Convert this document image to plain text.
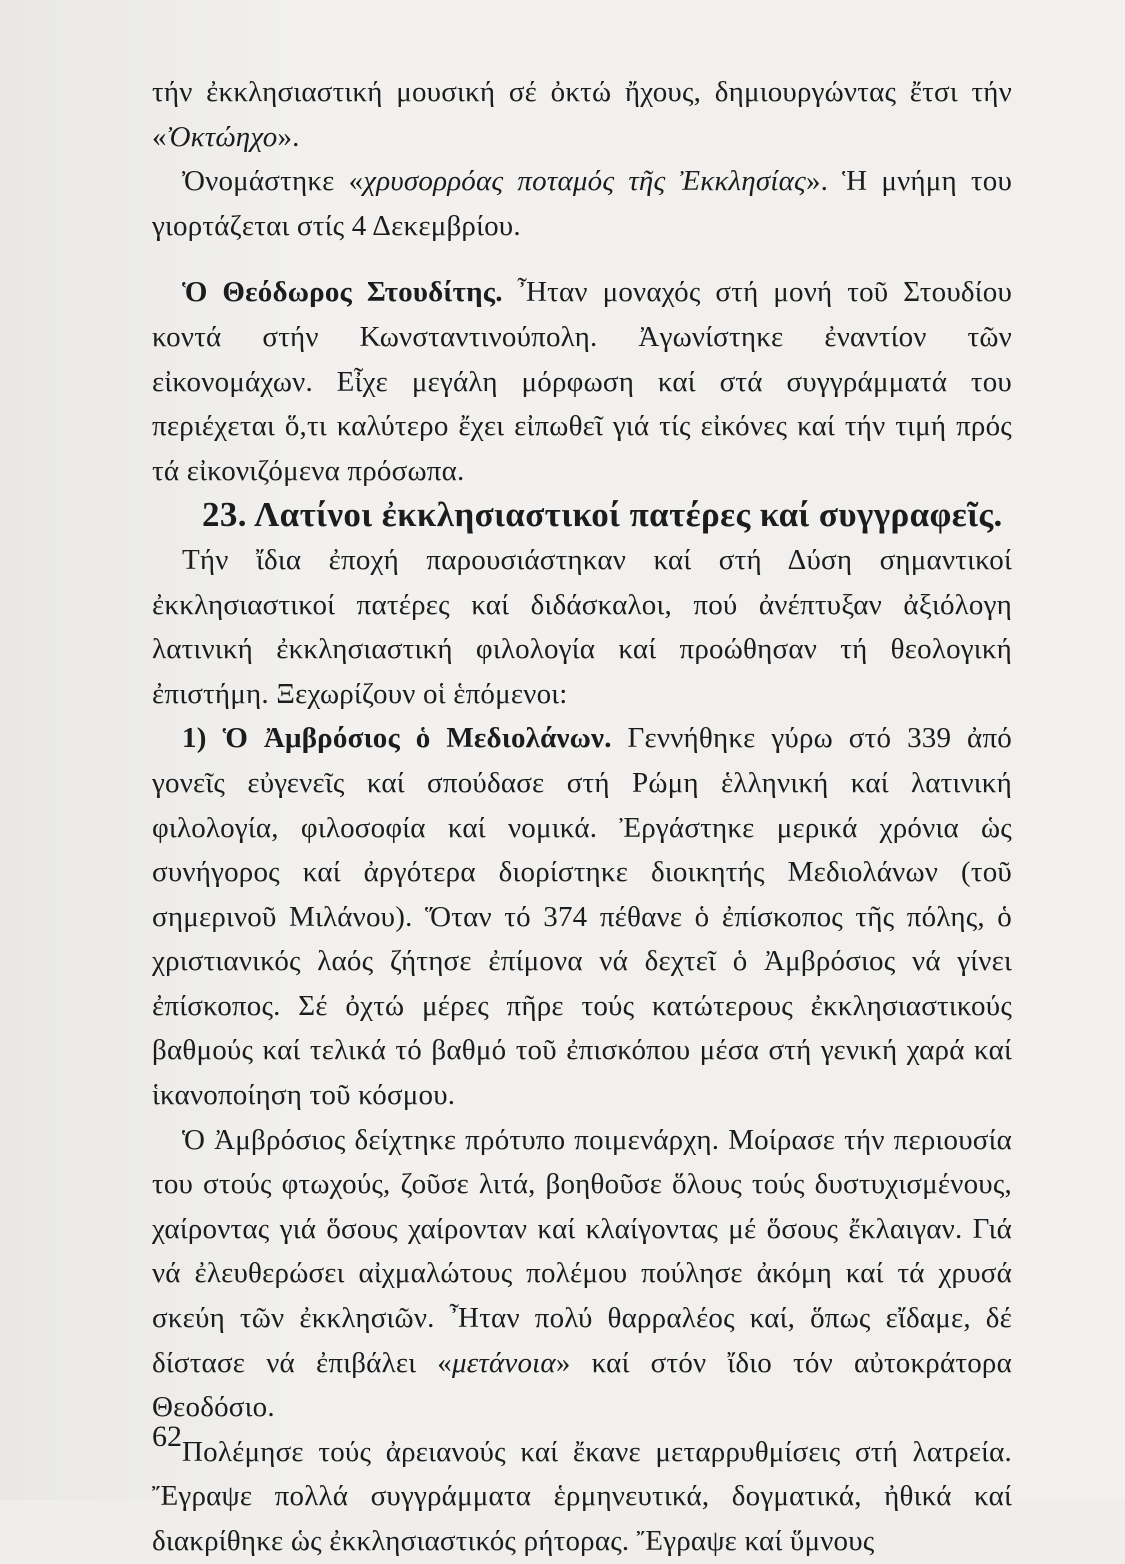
τήν ἐκκλησιαστική μουσική σέ ὀκτώ ἤχους, δημιουργώντας ἔτσι τήν «Ὀκτώηχο».

Ὀνομάστηκε «χρυσορρόας ποταμός τῆς Ἐκκλησίας». Ἡ μνήμη του γιορτάζεται στίς 4 Δεκεμβρίου.

Ὁ Θεόδωρος Στουδίτης. Ἦταν μοναχός στή μονή τοῦ Στουδίου κοντά στήν Κωνσταντινούπολη. Ἀγωνίστηκε ἐναντίον τῶν εἰκονομάχων. Εἶχε μεγάλη μόρφωση καί στά συγγράμματά του περιέχεται ὅ,τι καλύτερο ἔχει εἰπωθεῖ γιά τίς εἰκόνες καί τήν τιμή πρός τά εἰκονιζόμενα πρόσωπα.

23. Λατίνοι ἐκκλησιαστικοί πατέρες καί συγγραφεῖς.

Τήν ἴδια ἐποχή παρουσιάστηκαν καί στή Δύση σημαντικοί ἐκκλησιαστικοί πατέρες καί διδάσκαλοι, πού ἀνέπτυξαν ἀξιόλογη λατινική ἐκκλησιαστική φιλολογία καί προώθησαν τή θεολογική ἐπιστήμη. Ξεχωρίζουν οἱ ἑπόμενοι:

1) Ὁ Ἀμβρόσιος ὁ Μεδιολάνων. Γεννήθηκε γύρω στό 339 ἀπό γονεῖς εὐγενεῖς καί σπούδασε στή Ρώμη ἑλληνική καί λατινική φιλολογία, φιλοσοφία καί νομικά. Ἐργάστηκε μερικά χρόνια ὡς συνήγορος καί ἀργότερα διορίστηκε διοικητής Μεδιολάνων (τοῦ σημερινοῦ Μιλάνου). Ὅταν τό 374 πέθανε ὁ ἐπίσκοπος τῆς πόλης, ὁ χριστιανικός λαός ζήτησε ἐπίμονα νά δεχτεῖ ὁ Ἀμβρόσιος νά γίνει ἐπίσκοπος. Σέ ὀχτώ μέρες πῆρε τούς κατώτερους ἐκκλησιαστικούς βαθμούς καί τελικά τό βαθμό τοῦ ἐπισκόπου μέσα στή γενική χαρά καί ἱκανοποίηση τοῦ κόσμου.

Ὁ Ἀμβρόσιος δείχτηκε πρότυπο ποιμενάρχη. Μοίρασε τήν περιουσία του στούς φτωχούς, ζοῦσε λιτά, βοηθοῦσε ὅλους τούς δυστυχισμένους, χαίροντας γιά ὅσους χαίρονταν καί κλαίγοντας μέ ὅσους ἔκλαιγαν. Γιά νά ἐλευθερώσει αἰχμαλώτους πολέμου πούλησε ἀκόμη καί τά χρυσά σκεύη τῶν ἐκκλησιῶν. Ἦταν πολύ θαρραλέος καί, ὅπως εἴδαμε, δέ δίστασε νά ἐπιβάλει «μετάνοια» καί στόν ἴδιο τόν αὐτοκράτορα Θεοδόσιο.

Πολέμησε τούς ἀρειανούς καί ἔκανε μεταρρυθμίσεις στή λατρεία. Ἔγραψε πολλά συγγράμματα ἑρμηνευτικά, δογματικά, ἠθικά καί διακρίθηκε ὡς ἐκκλησιαστικός ρήτορας. Ἔγραψε καί ὕμνους

62
